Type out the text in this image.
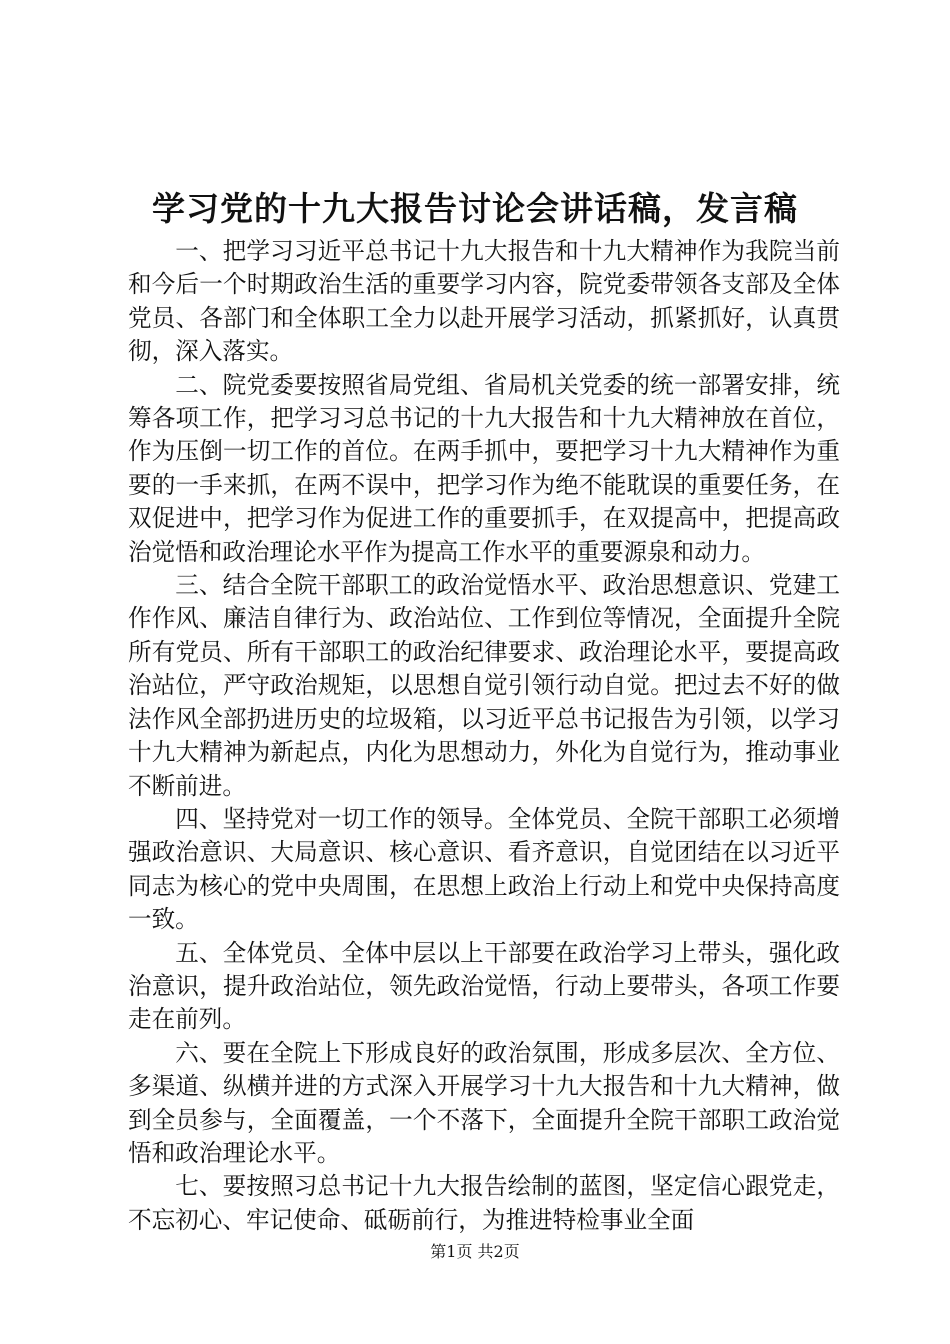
学习党的十九大报告讨论会讲话稿，发言稿

一、把学习习近平总书记十九大报告和十九大精神作为我院当前和今后一个时期政治生活的重要学习内容，院党委带领各支部及全体党员、各部门和全体职工全力以赴开展学习活动，抓紧抓好，认真贯彻，深入落实。

二、院党委要按照省局党组、省局机关党委的统一部署安排，统筹各项工作，把学习习总书记的十九大报告和十九大精神放在首位，作为压倒一切工作的首位。在两手抓中，要把学习十九大精神作为重要的一手来抓，在两不误中，把学习作为绝不能耽误的重要任务，在双促进中，把学习作为促进工作的重要抓手，在双提高中，把提高政治觉悟和政治理论水平作为提高工作水平的重要源泉和动力。

三、结合全院干部职工的政治觉悟水平、政治思想意识、党建工作作风、廉洁自律行为、政治站位、工作到位等情况，全面提升全院所有党员、所有干部职工的政治纪律要求、政治理论水平，要提高政治站位，严守政治规矩，以思想自觉引领行动自觉。把过去不好的做法作风全部扔进历史的垃圾箱，以习近平总书记报告为引领，以学习十九大精神为新起点，内化为思想动力，外化为自觉行为，推动事业不断前进。

四、坚持党对一切工作的领导。全体党员、全院干部职工必须增强政治意识、大局意识、核心意识、看齐意识，自觉团结在以习近平同志为核心的党中央周围，在思想上政治上行动上和党中央保持高度一致。

五、全体党员、全体中层以上干部要在政治学习上带头，强化政治意识，提升政治站位，领先政治觉悟，行动上要带头，各项工作要走在前列。

六、要在全院上下形成良好的政治氛围，形成多层次、全方位、多渠道、纵横并进的方式深入开展学习十九大报告和十九大精神，做到全员参与，全面覆盖，一个不落下，全面提升全院干部职工政治觉悟和政治理论水平。

七、要按照习总书记十九大报告绘制的蓝图，坚定信心跟党走，不忘初心、牢记使命、砥砺前行，为推进特检事业全面

第1页 共2页
